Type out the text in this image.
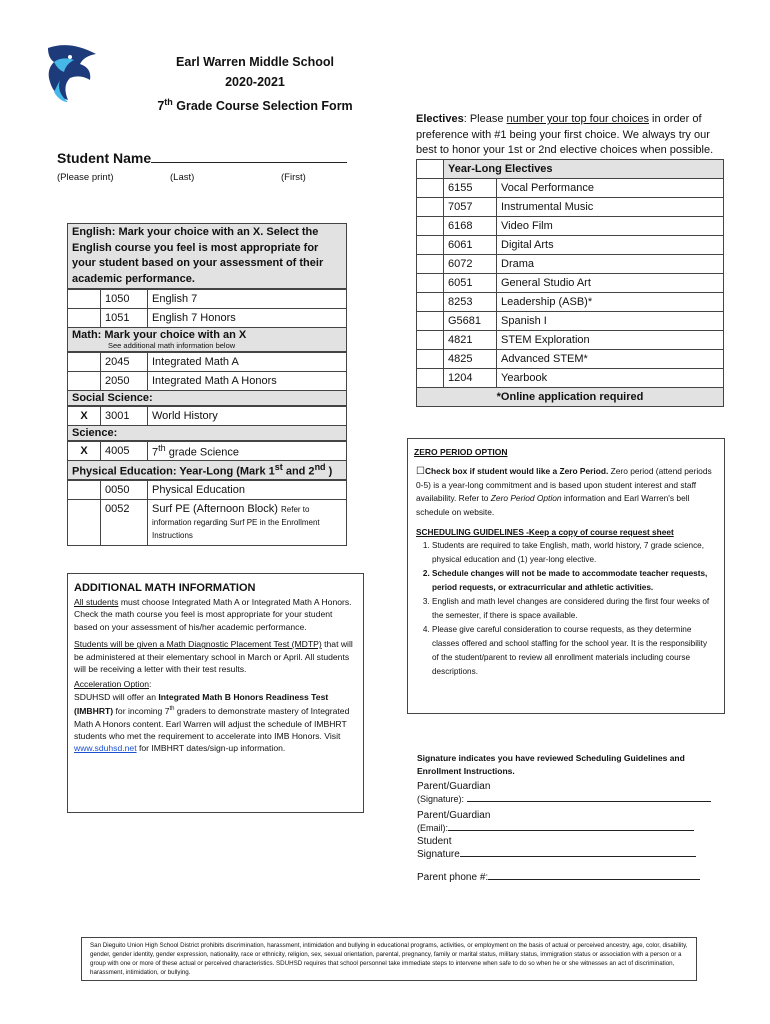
Earl Warren Middle School
2020-2021
7th Grade Course Selection Form
Student Name
(Please print)	(Last)	(First)
English: Mark your choice with an X. Select the English course you feel is most appropriate for your student based on your assessment of their academic performance.
	1050	English 7
	1051	English 7 Honors
Math: Mark your choice with an X
See additional math information below
	2045	Integrated Math A
	2050	Integrated Math A Honors
Social Science:
X	3001	World History
Science:
X	4005	7th grade Science
Physical Education: Year-Long (Mark 1st and 2nd )
	0050	Physical Education
	0052	Surf PE (Afternoon Block) Refer to information regarding Surf PE in the Enrollment Instructions
Electives: Please number your top four choices in order of preference with #1 being your first choice. We always try our best to honor your 1st or 2nd elective choices when possible.
	Year-Long Electives	
	6155	Vocal Performance
	7057	Instrumental Music
	6168	Video Film
	6061	Digital Arts
	6072	Drama
	6051	General Studio Art
	8253	Leadership (ASB)*
	G5681	Spanish I
	4821	STEM Exploration
	4825	Advanced STEM*
	1204	Yearbook
*Online application required		
ZERO PERIOD OPTION
☐Check box if student would like a Zero Period. Zero period (attend periods 0-5) is a year-long commitment and is based upon student interest and staff availability. Refer to Zero Period Option information and Earl Warren's bell schedule on website.
SCHEDULING GUIDELINES -Keep a copy of course request sheet
1. Students are required to take English, math, world history, 7 grade science, physical education and (1) year-long elective.
2. Schedule changes will not be made to accommodate teacher requests, period requests, or extracurricular and athletic activities.
3. English and math level changes are considered during the first four weeks of the semester, if there is space available.
4. Please give careful consideration to course requests, as they determine classes offered and school staffing for the school year. It is the responsibility of the student/parent to review all enrollment materials including course descriptions.
ADDITIONAL MATH INFORMATION
All students must choose Integrated Math A or Integrated Math A Honors. Check the math course you feel is most appropriate for your student based on your assessment of his/her academic performance.
Students will be given a Math Diagnostic Placement Test (MDTP) that will be administered at their elementary school in March or April. All students will be receiving a letter with their test results.
Acceleration Option:
SDUHSD will offer an Integrated Math B Honors Readiness Test (IMBHRT) for incoming 7th graders to demonstrate mastery of Integrated Math A Honors content. Earl Warren will adjust the schedule of IMBHRT students who met the requirement to accelerate into IMB Honors. Visit www.sduhsd.net for IMBHRT dates/sign-up information.
Signature indicates you have reviewed Scheduling Guidelines and Enrollment Instructions.
Parent/Guardian
(Signature):
Parent/Guardian
(Email):
Student
Signature
Parent phone #:
San Dieguito Union High School District prohibits discrimination, harassment, intimidation and bullying in educational programs, activities, or employment on the basis of actual or perceived ancestry, age, color, disability, gender, gender identity, gender expression, nationality, race or ethnicity, religion, sex, sexual orientation, parental, pregnancy, family or marital status, military status, immigration status or association with a person or a group with one or more of these actual or perceived characteristics. SDUHSD requires that school personnel take immediate steps to intervene when safe to do so when he or she witnesses an act of discrimination, harassment, intimidation, or bullying.
